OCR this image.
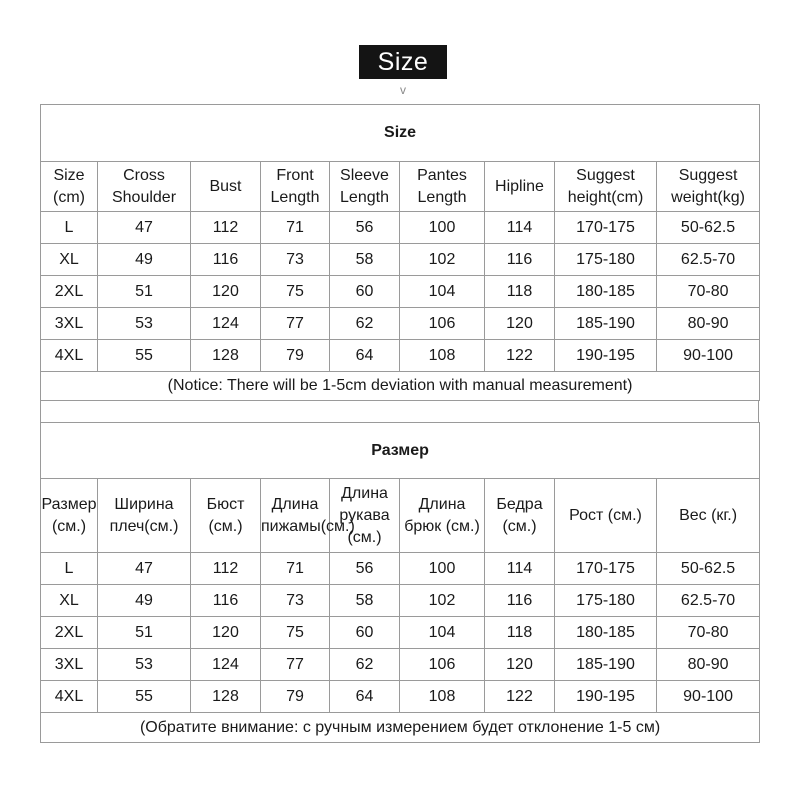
Size
v
Size								
Size (cm)	Cross Shoulder	Bust	Front Length	Sleeve Length	Pantes Length	Hipline	Suggest height(cm)	Suggest weight(kg)
L	47	112	71	56	100	114	170-175	50-62.5
XL	49	116	73	58	102	116	175-180	62.5-70
2XL	51	120	75	60	104	118	180-185	70-80
3XL	53	124	77	62	106	120	185-190	80-90
4XL	55	128	79	64	108	122	190-195	90-100
(Notice: There will be 1-5cm deviation with manual measurement)								
Размер								
Размер (см.)	Ширина плеч(см.)	Бюст (см.)	Длина пижамы(см.)	Длина рукава (см.)	Длина брюк (см.)	Бедра (см.)	Рост (см.)	Вес (кг.)
L	47	112	71	56	100	114	170-175	50-62.5
XL	49	116	73	58	102	116	175-180	62.5-70
2XL	51	120	75	60	104	118	180-185	70-80
3XL	53	124	77	62	106	120	185-190	80-90
4XL	55	128	79	64	108	122	190-195	90-100
(Обратите внимание: с ручным измерением будет отклонение 1-5 см)								
